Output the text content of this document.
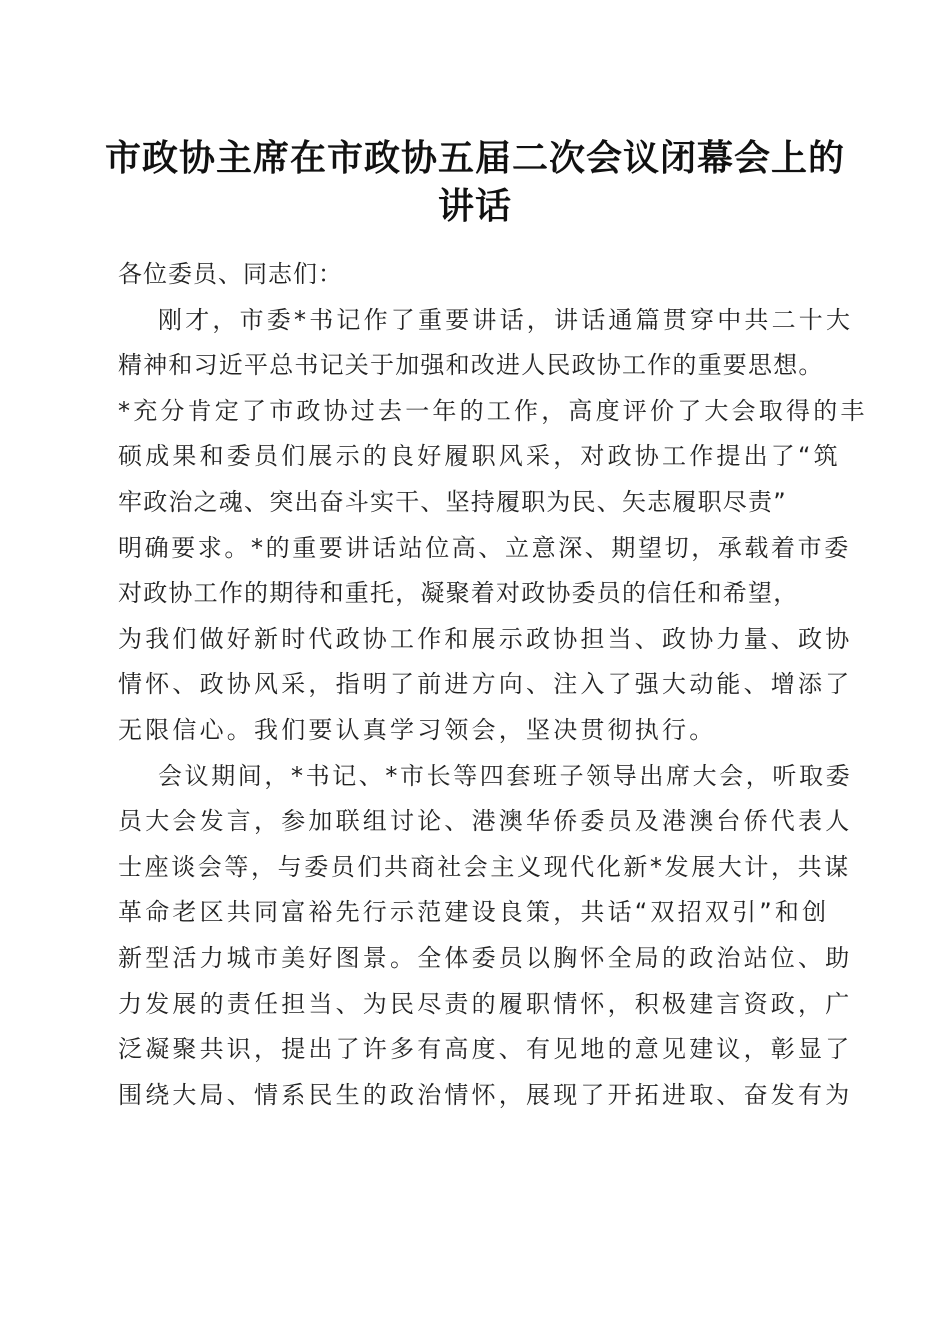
市政协主席在市政协五届二次会议闭幕会上的
讲话
各位委员、同志们：
刚才，市委*书记作了重要讲话，讲话通篇贯穿中共二十大
精神和习近平总书记关于加强和改进人民政协工作的重要思想。
*充分肯定了市政协过去一年的工作，高度评价了大会取得的丰
硕成果和委员们展示的良好履职风采，对政协工作提出了“筑
牢政治之魂、突出奋斗实干、坚持履职为民、矢志履职尽责”
明确要求。*的重要讲话站位高、立意深、期望切，承载着市委
对政协工作的期待和重托，凝聚着对政协委员的信任和希望，
为我们做好新时代政协工作和展示政协担当、政协力量、政协
情怀、政协风采，指明了前进方向、注入了强大动能、增添了
无限信心。我们要认真学习领会，坚决贯彻执行。
会议期间，*书记、*市长等四套班子领导出席大会，听取委
员大会发言，参加联组讨论、港澳华侨委员及港澳台侨代表人
士座谈会等，与委员们共商社会主义现代化新*发展大计，共谋
革命老区共同富裕先行示范建设良策，共话“双招双引”和创
新型活力城市美好图景。全体委员以胸怀全局的政治站位、助
力发展的责任担当、为民尽责的履职情怀，积极建言资政，广
泛凝聚共识，提出了许多有高度、有见地的意见建议，彰显了
围绕大局、情系民生的政治情怀，展现了开拓进取、奋发有为
